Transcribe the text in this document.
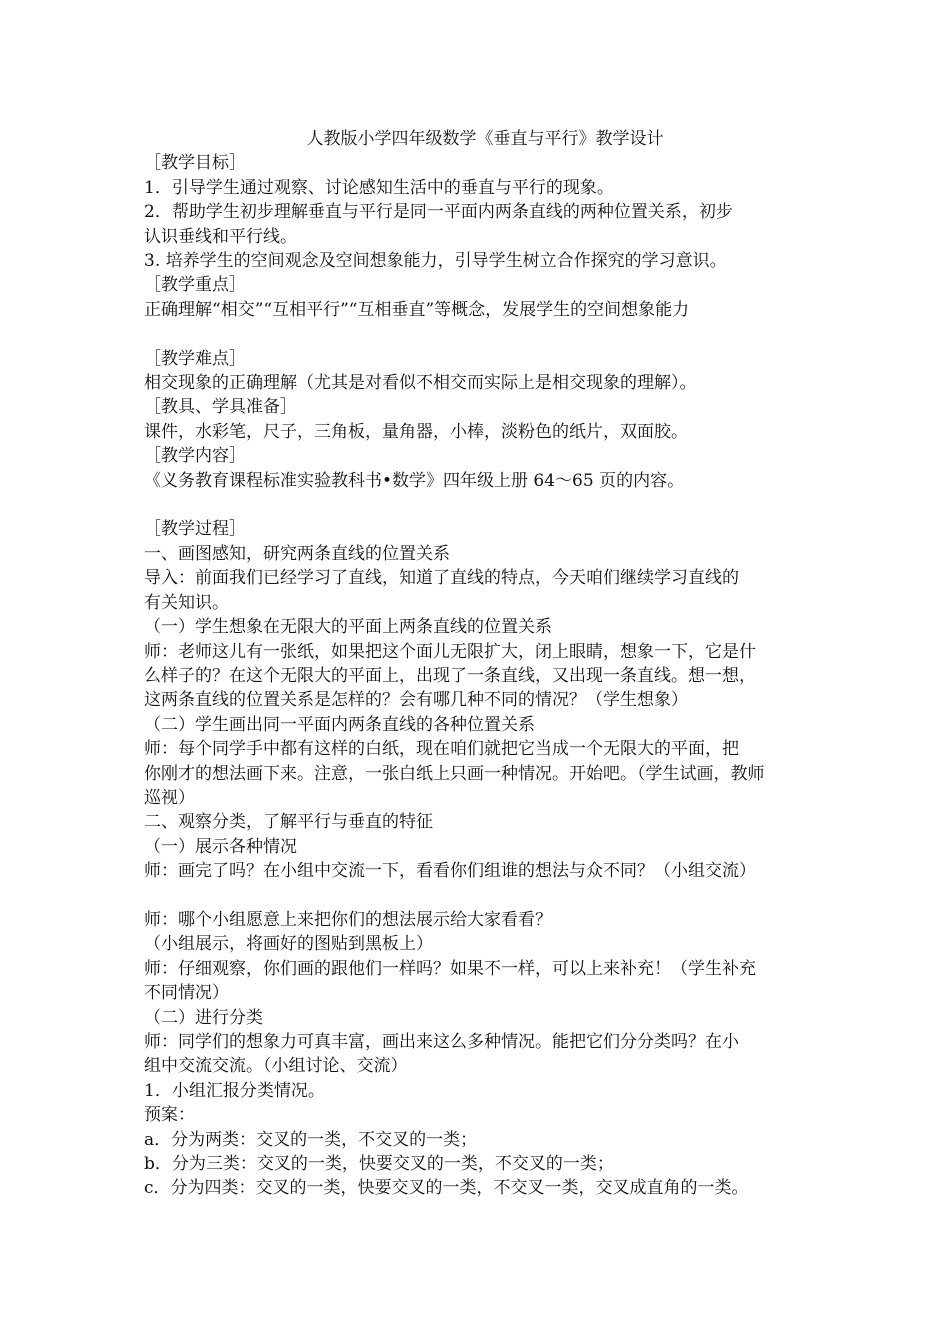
人教版小学四年级数学《垂直与平行》教学设计
［教学目标］
1．引导学生通过观察、讨论感知生活中的垂直与平行的现象。
2．帮助学生初步理解垂直与平行是同一平面内两条直线的两种位置关系，初步
认识垂线和平行线。
3. 培养学生的空间观念及空间想象能力，引导学生树立合作探究的学习意识。
［教学重点］
正确理解“相交”“互相平行”“互相垂直”等概念，发展学生的空间想象能力
［教学难点］
相交现象的正确理解（尤其是对看似不相交而实际上是相交现象的理解）。
［教具、学具准备］
课件，水彩笔，尺子，三角板，量角器，小棒，淡粉色的纸片，双面胶。
［教学内容］
《义务教育课程标准实验教科书•数学》四年级上册 64～65 页的内容。
［教学过程］
一、画图感知，研究两条直线的位置关系
导入：前面我们已经学习了直线，知道了直线的特点，今天咱们继续学习直线的
有关知识。
（一）学生想象在无限大的平面上两条直线的位置关系
师：老师这儿有一张纸，如果把这个面儿无限扩大，闭上眼睛，想象一下，它是什
么样子的？在这个无限大的平面上，出现了一条直线，又出现一条直线。想一想，
这两条直线的位置关系是怎样的？会有哪几种不同的情况？（学生想象）
（二）学生画出同一平面内两条直线的各种位置关系
师：每个同学手中都有这样的白纸，现在咱们就把它当成一个无限大的平面，把
你刚才的想法画下来。注意，一张白纸上只画一种情况。开始吧。（学生试画，教师
巡视）
二、观察分类，了解平行与垂直的特征
（一）展示各种情况
师：画完了吗？在小组中交流一下，看看你们组谁的想法与众不同？（小组交流）
师：哪个小组愿意上来把你们的想法展示给大家看看？
（小组展示，将画好的图贴到黑板上）
师：仔细观察，你们画的跟他们一样吗？如果不一样，可以上来补充！（学生补充
不同情况）
（二）进行分类
师：同学们的想象力可真丰富，画出来这么多种情况。能把它们分分类吗？在小
组中交流交流。（小组讨论、交流）
1．小组汇报分类情况。
预案：
a．分为两类：交叉的一类，不交叉的一类；
b．分为三类：交叉的一类，快要交叉的一类，不交叉的一类；
c．分为四类：交叉的一类，快要交叉的一类，不交叉一类，交叉成直角的一类。
